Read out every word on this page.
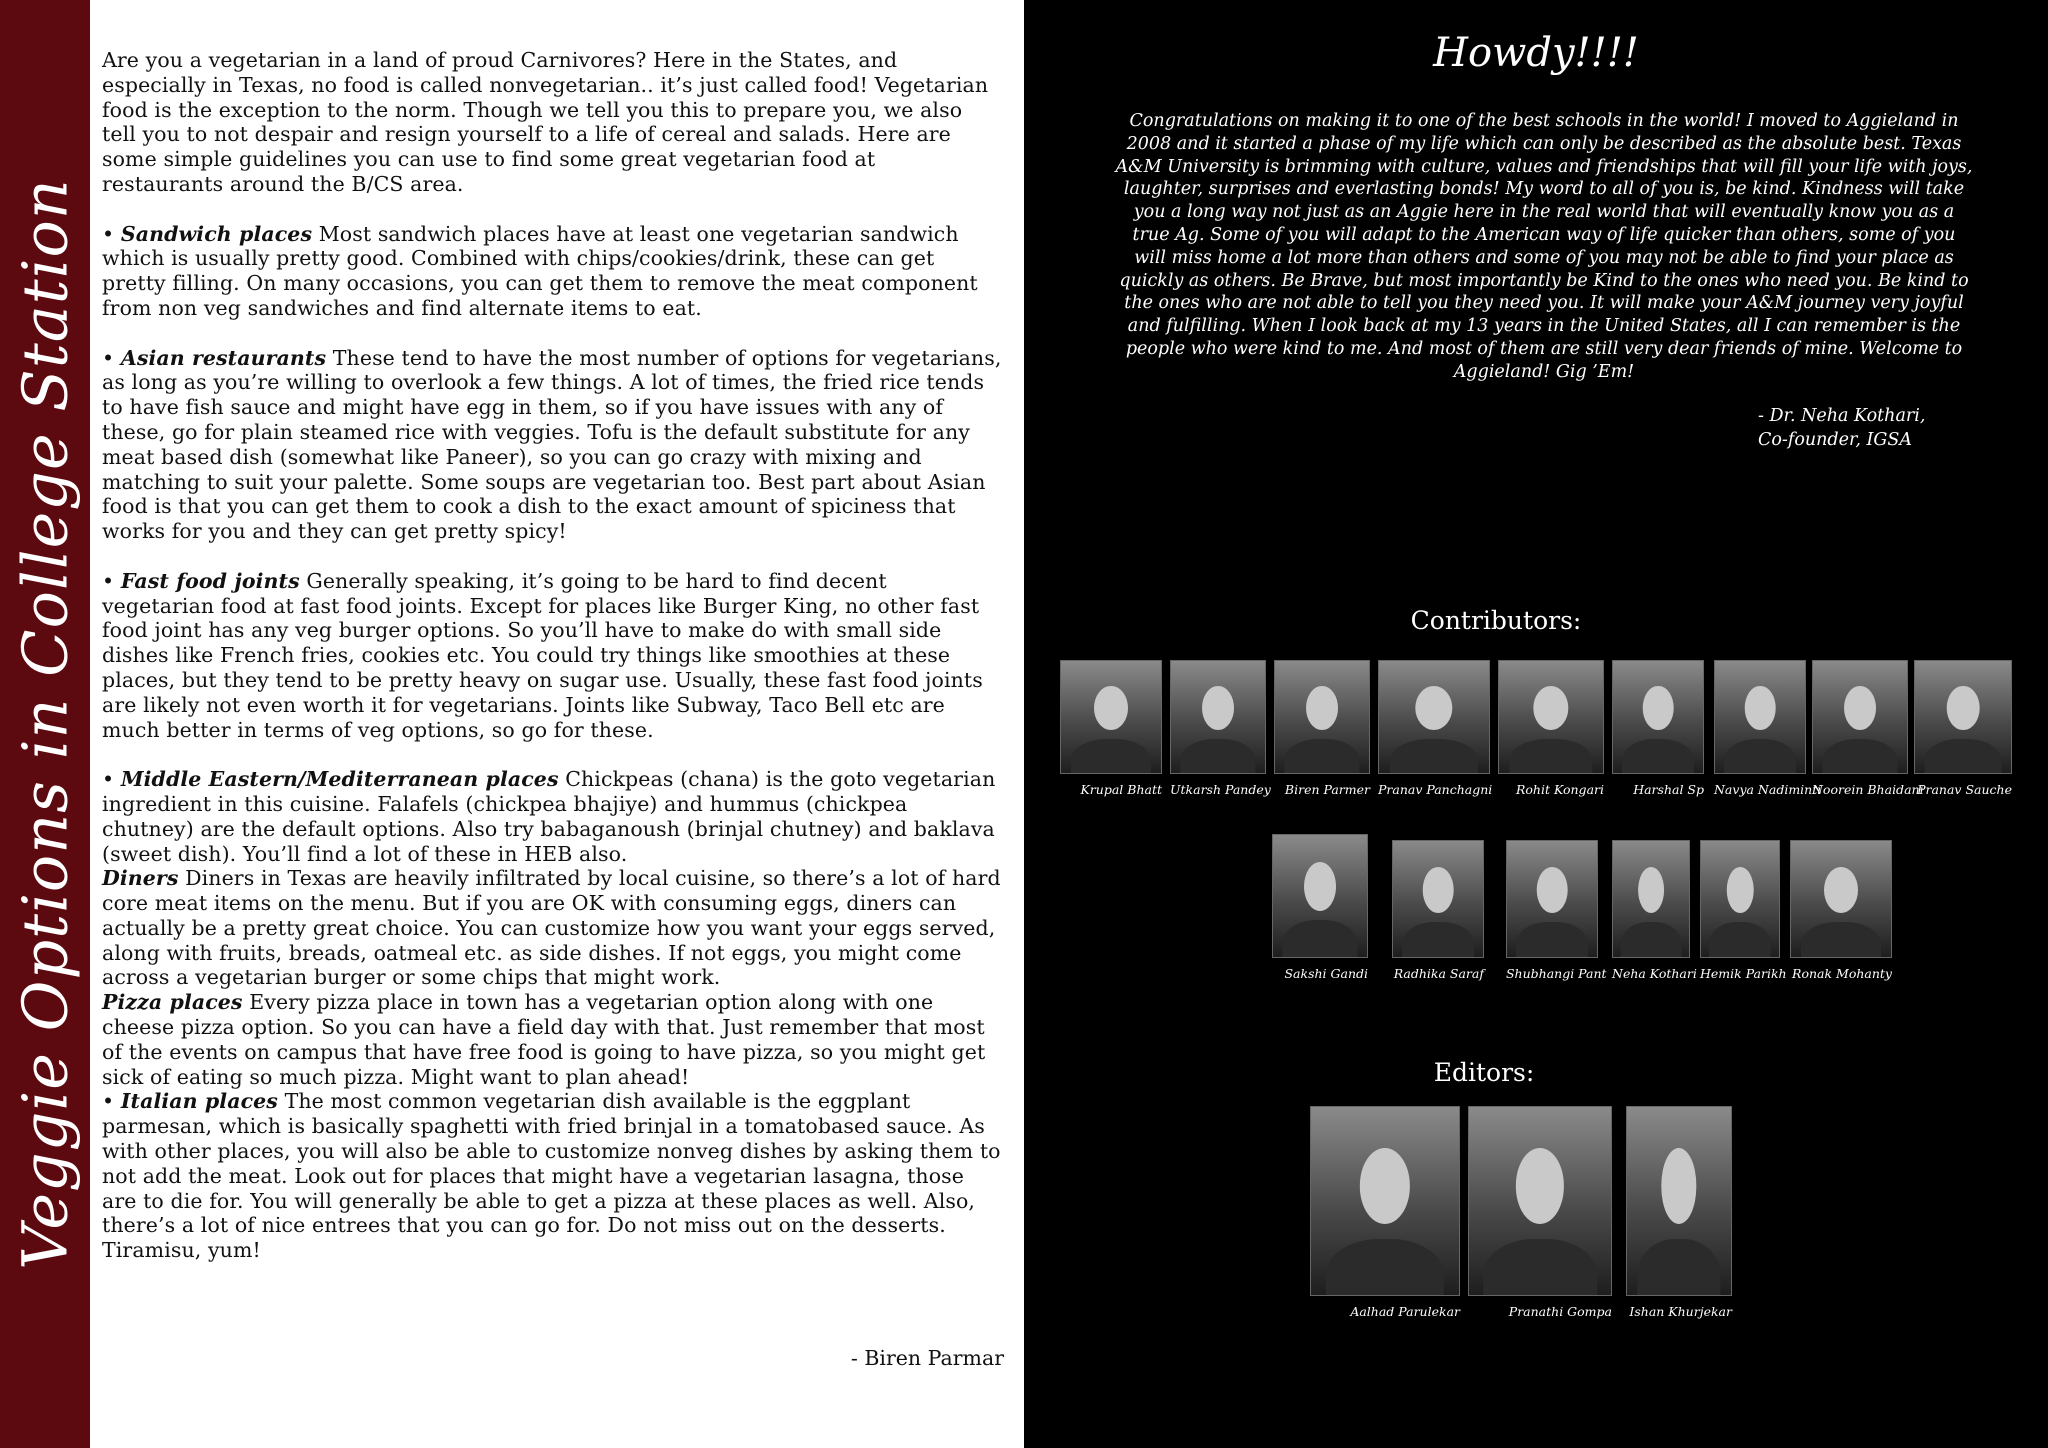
Veggie Options in College Station

Are you a vegetarian in a land of proud Carnivores? Here in the States, and especially in Texas, no food is called nonvegetarian.. it’s just called food! Vegetarian food is the exception to the norm. Though we tell you this to prepare you, we also tell you to not despair and resign yourself to a life of cereal and salads. Here are some simple guidelines you can use to find some great vegetarian food at restaurants around the B/CS area.

• Sandwich places Most sandwich places have at least one vegetarian sandwich which is usually pretty good. Combined with chips/cookies/drink, these can get pretty filling. On many occasions, you can get them to remove the meat component from non veg sandwiches and find alternate items to eat.

• Asian restaurants These tend to have the most number of options for vegetarians, as long as you’re willing to overlook a few things. A lot of times, the fried rice tends to have fish sauce and might have egg in them, so if you have issues with any of these, go for plain steamed rice with veggies. Tofu is the default substitute for any meat based dish (somewhat like Paneer), so you can go crazy with mixing and matching to suit your palette. Some soups are vegetarian too. Best part about Asian food is that you can get them to cook a dish to the exact amount of spiciness that works for you and they can get pretty spicy!

• Fast food joints Generally speaking, it’s going to be hard to find decent vegetarian food at fast food joints. Except for places like Burger King, no other fast food joint has any veg burger options. So you’ll have to make do with small side dishes like French fries, cookies etc. You could try things like smoothies at these places, but they tend to be pretty heavy on sugar use. Usually, these fast food joints are likely not even worth it for vegetarians. Joints like Subway, Taco Bell etc are much better in terms of veg options, so go for these.

• Middle Eastern/Mediterranean places Chickpeas (chana) is the goto vegetarian ingredient in this cuisine. Falafels (chickpea bhajiye) and hummus (chickpea chutney) are the default options. Also try babaganoush (brinjal chutney) and baklava (sweet dish). You’ll find a lot of these in HEB also.

Diners Diners in Texas are heavily infiltrated by local cuisine, so there’s a lot of hard core meat items on the menu. But if you are OK with consuming eggs, diners can actually be a pretty great choice. You can customize how you want your eggs served, along with fruits, breads, oatmeal etc. as side dishes. If not eggs, you might come across a vegetarian burger or some chips that might work.

Pizza places Every pizza place in town has a vegetarian option along with one cheese pizza option. So you can have a field day with that. Just remember that most of the events on campus that have free food is going to have pizza, so you might get sick of eating so much pizza. Might want to plan ahead!

• Italian places The most common vegetarian dish available is the eggplant parmesan, which is basically spaghetti with fried brinjal in a tomatobased sauce. As with other places, you will also be able to customize nonveg dishes by asking them to not add the meat. Look out for places that might have a vegetarian lasagna, those are to die for. You will generally be able to get a pizza at these places as well. Also, there’s a lot of nice entrees that you can go for. Do not miss out on the desserts. Tiramisu, yum!

- Biren Parmar
Howdy!!!!
Congratulations on making it to one of the best schools in the world! I moved to Aggieland in 2008 and it started a phase of my life which can only be described as the absolute best. Texas A&M University is brimming with culture, values and friendships that will fill your life with joys, laughter, surprises and everlasting bonds! My word to all of you is, be kind. Kindness will take you a long way not just as an Aggie here in the real world that will eventually know you as a true Ag. Some of you will adapt to the American way of life quicker than others, some of you will miss home a lot more than others and some of you may not be able to find your place as quickly as others. Be Brave, but most importantly be Kind to the ones who need you. Be kind to the ones who are not able to tell you they need you. It will make your A&M journey very joyful and fulfilling. When I look back at my 13 years in the United States, all I can remember is the people who were kind to me. And most of them are still very dear friends of mine. Welcome to Aggieland! Gig ’Em!
- Dr. Neha Kothari,
Co-founder, IGSA
Contributors:
Krupal Bhatt Utkarsh Pandey	Biren Parmer Pranav Panchagni	Rohit Kongari	Harshal Sp Navya Nadiminti
Noorein Bhaidani
Pranav Sauche
Sakshi Gandi Radhika Saraf Shubhangi Pant Neha Kothari Hemik Parikh Ronak Mohanty
Editors:
Aalhad Parulekar	Pranathi Gompa Ishan Khurjekar
